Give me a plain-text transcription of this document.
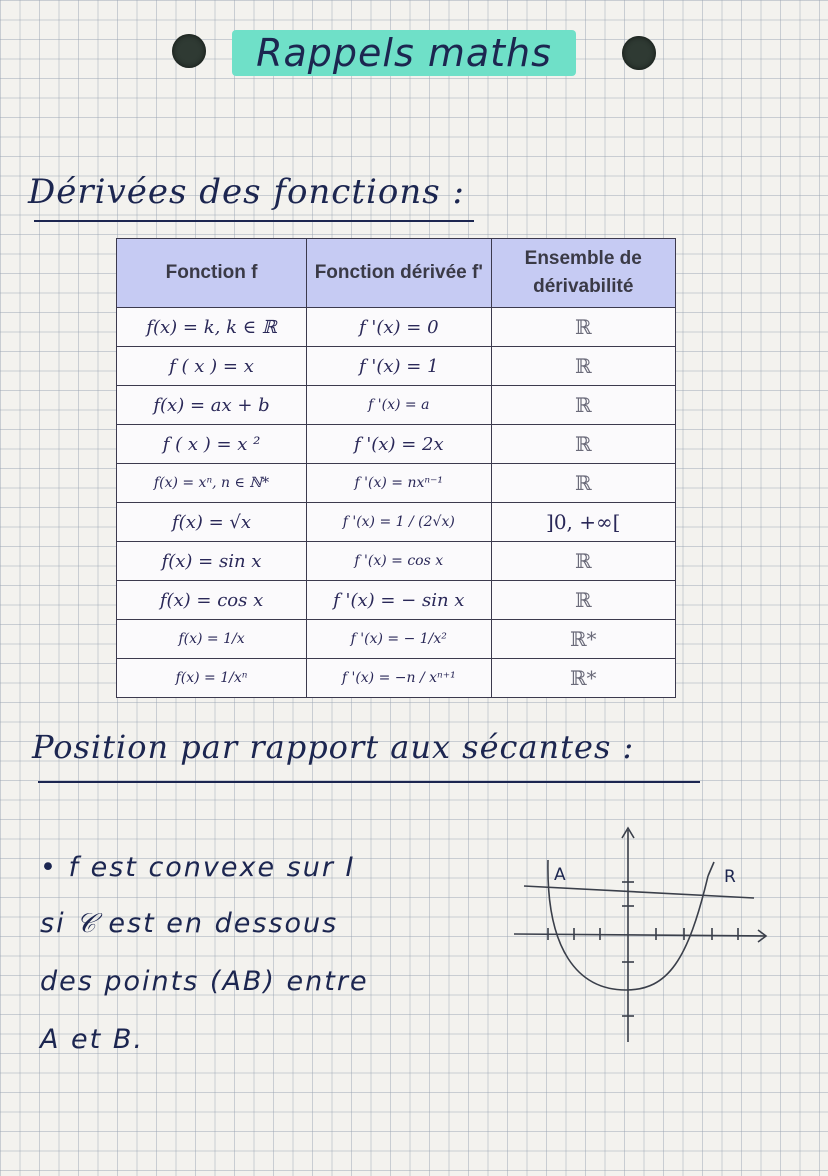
Rappels maths
Dérivées des fonctions :
Fonction f	Fonction dérivée f'	Ensemble de dérivabilité
f(x) = k, k ∈ ℝ	f '(x) = 0	ℝ
f ( x ) = x	f '(x) = 1	ℝ
f(x) = ax + b	f '(x) = a	ℝ
f ( x ) = x ²	f '(x) = 2x	ℝ
f(x) = xⁿ, n ∈ ℕ*	f '(x) = nxⁿ⁻¹	ℝ
f(x) = √x	f '(x) = 1 / (2√x)	]0, +∞[
f(x) = sin x	f '(x) = cos x	ℝ
f(x) = cos x	f '(x) = − sin x	ℝ
f(x) = 1/x	f '(x) = − 1/x²	ℝ*
f(x) = 1/xⁿ	f '(x) = −n / xⁿ⁺¹	ℝ*
Position par rapport aux sécantes :
• f est convexe sur I
si 𝒞 est en dessous
des points (AB) entre
A et B.
A	R
